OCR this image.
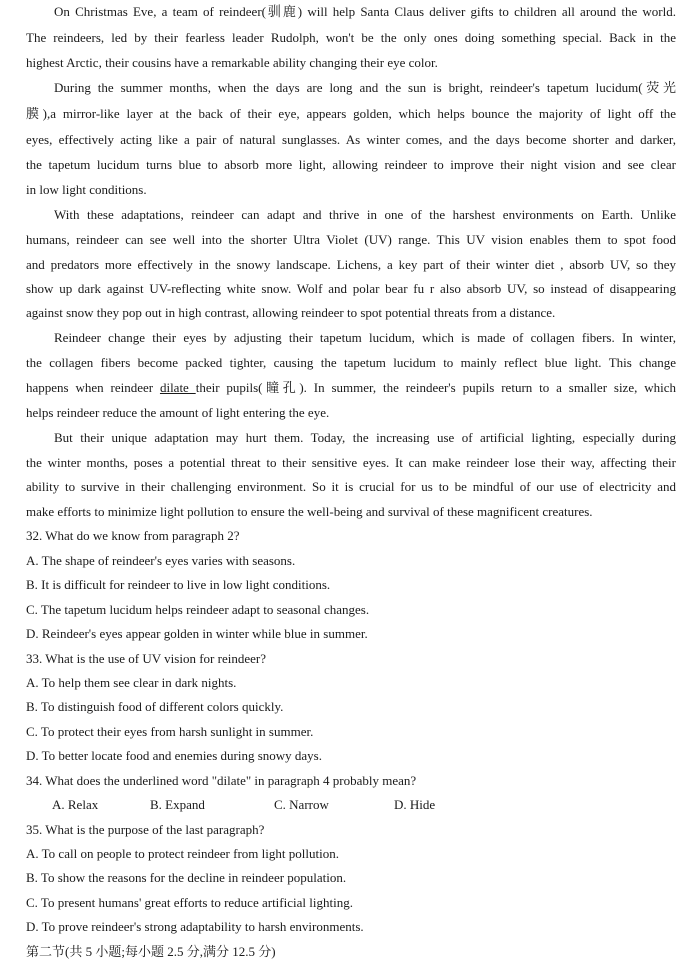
On Christmas Eve, a team of reindeer(驯鹿) will help Santa Claus deliver gifts to children all around the world.
The reindeers, led by their fearless leader Rudolph, won't be the only ones doing something special. Back in the
highest Arctic, their cousins have a remarkable ability changing their eye color.
During the summer months, when the days are long and the sun is bright, reindeer's tapetum lucidum(荧光
膜),a mirror-like layer at the back of their eye, appears golden, which helps bounce the majority of light off the
eyes, effectively acting like a pair of natural sunglasses. As winter comes, and the days become shorter and darker,
the tapetum lucidum turns blue to absorb more light, allowing reindeer to improve their night vision and see clear
in low light conditions.
With these adaptations, reindeer can adapt and thrive in one of the harshest environments on Earth. Unlike
humans, reindeer can see well into the shorter Ultra Violet (UV) range. This UV vision enables them to spot food
and predators more effectively in the snowy landscape. Lichens, a key part of their winter diet , absorb UV, so they
show up dark against UV-reflecting white snow. Wolf and polar bear fu r also absorb UV, so instead of disappearing
against snow they pop out in high contrast, allowing reindeer to spot potential threats from a distance.
Reindeer change their eyes by adjusting their tapetum lucidum, which is made of collagen fibers. In winter,
the collagen fibers become packed tighter, causing the tapetum lucidum to mainly reflect blue light. This change
happens when reindeer dilate their pupils(瞳孔). In summer, the reindeer's pupils return to a smaller size, which
helps reindeer reduce the amount of light entering the eye.
But their unique adaptation may hurt them. Today, the increasing use of artificial lighting, especially during
the winter months, poses a potential threat to their sensitive eyes. It can make reindeer lose their way, affecting their
ability to survive in their challenging environment. So it is crucial for us to be mindful of our use of electricity and
make efforts to minimize light pollution to ensure the well-being and survival of these magnificent creatures.
32. What do we know from paragraph 2?
A. The shape of reindeer's eyes varies with seasons.
B. It is difficult for reindeer to live in low light conditions.
C. The tapetum lucidum helps reindeer adapt to seasonal changes.
D. Reindeer's eyes appear golden in winter while blue in summer.
33. What is the use of UV vision for reindeer?
A. To help them see clear in dark nights.
B. To distinguish food of different colors quickly.
C. To protect their eyes from harsh sunlight in summer.
D. To better locate food and enemies during snowy days.
34. What does the underlined word "dilate" in paragraph 4 probably mean?
A. Relax	B. Expand	C. Narrow	D. Hide
35. What is the purpose of the last paragraph?
A. To call on people to protect reindeer from light pollution.
B. To show the reasons for the decline in reindeer population.
C. To present humans' great efforts to reduce artificial lighting.
D. To prove reindeer's strong adaptability to harsh environments.
第二节(共 5 小题;每小题 2.5 分,满分 12.5 分)
